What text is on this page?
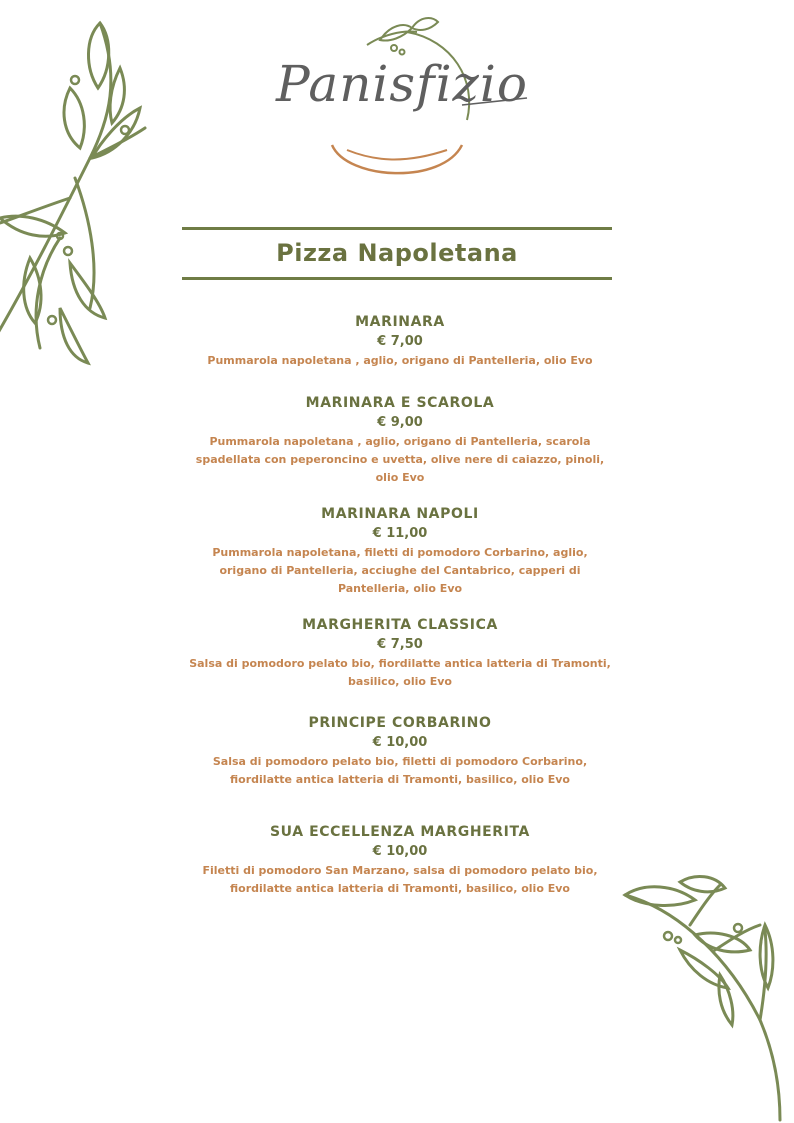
Panisfizio
Pizza Napoletana
MARINARA
€ 7,00
Pummarola napoletana , aglio, origano di Pantelleria, olio Evo
MARINARA E SCAROLA
€ 9,00
Pummarola napoletana , aglio, origano di Pantelleria, scarola spadellata con peperoncino e uvetta, olive nere di caiazzo, pinoli, olio Evo
MARINARA NAPOLI
€ 11,00
Pummarola napoletana, filetti di pomodoro Corbarino, aglio, origano di Pantelleria, acciughe del Cantabrico, capperi di Pantelleria, olio Evo
MARGHERITA CLASSICA
€ 7,50
Salsa di pomodoro pelato bio, fiordilatte antica latteria di Tramonti, basilico, olio Evo
PRINCIPE CORBARINO
€ 10,00
Salsa di pomodoro pelato bio, filetti di pomodoro Corbarino, fiordilatte antica latteria di Tramonti, basilico, olio Evo
SUA ECCELLENZA MARGHERITA
€ 10,00
Filetti di pomodoro San Marzano, salsa di pomodoro pelato bio, fiordilatte antica latteria di Tramonti, basilico, olio Evo
